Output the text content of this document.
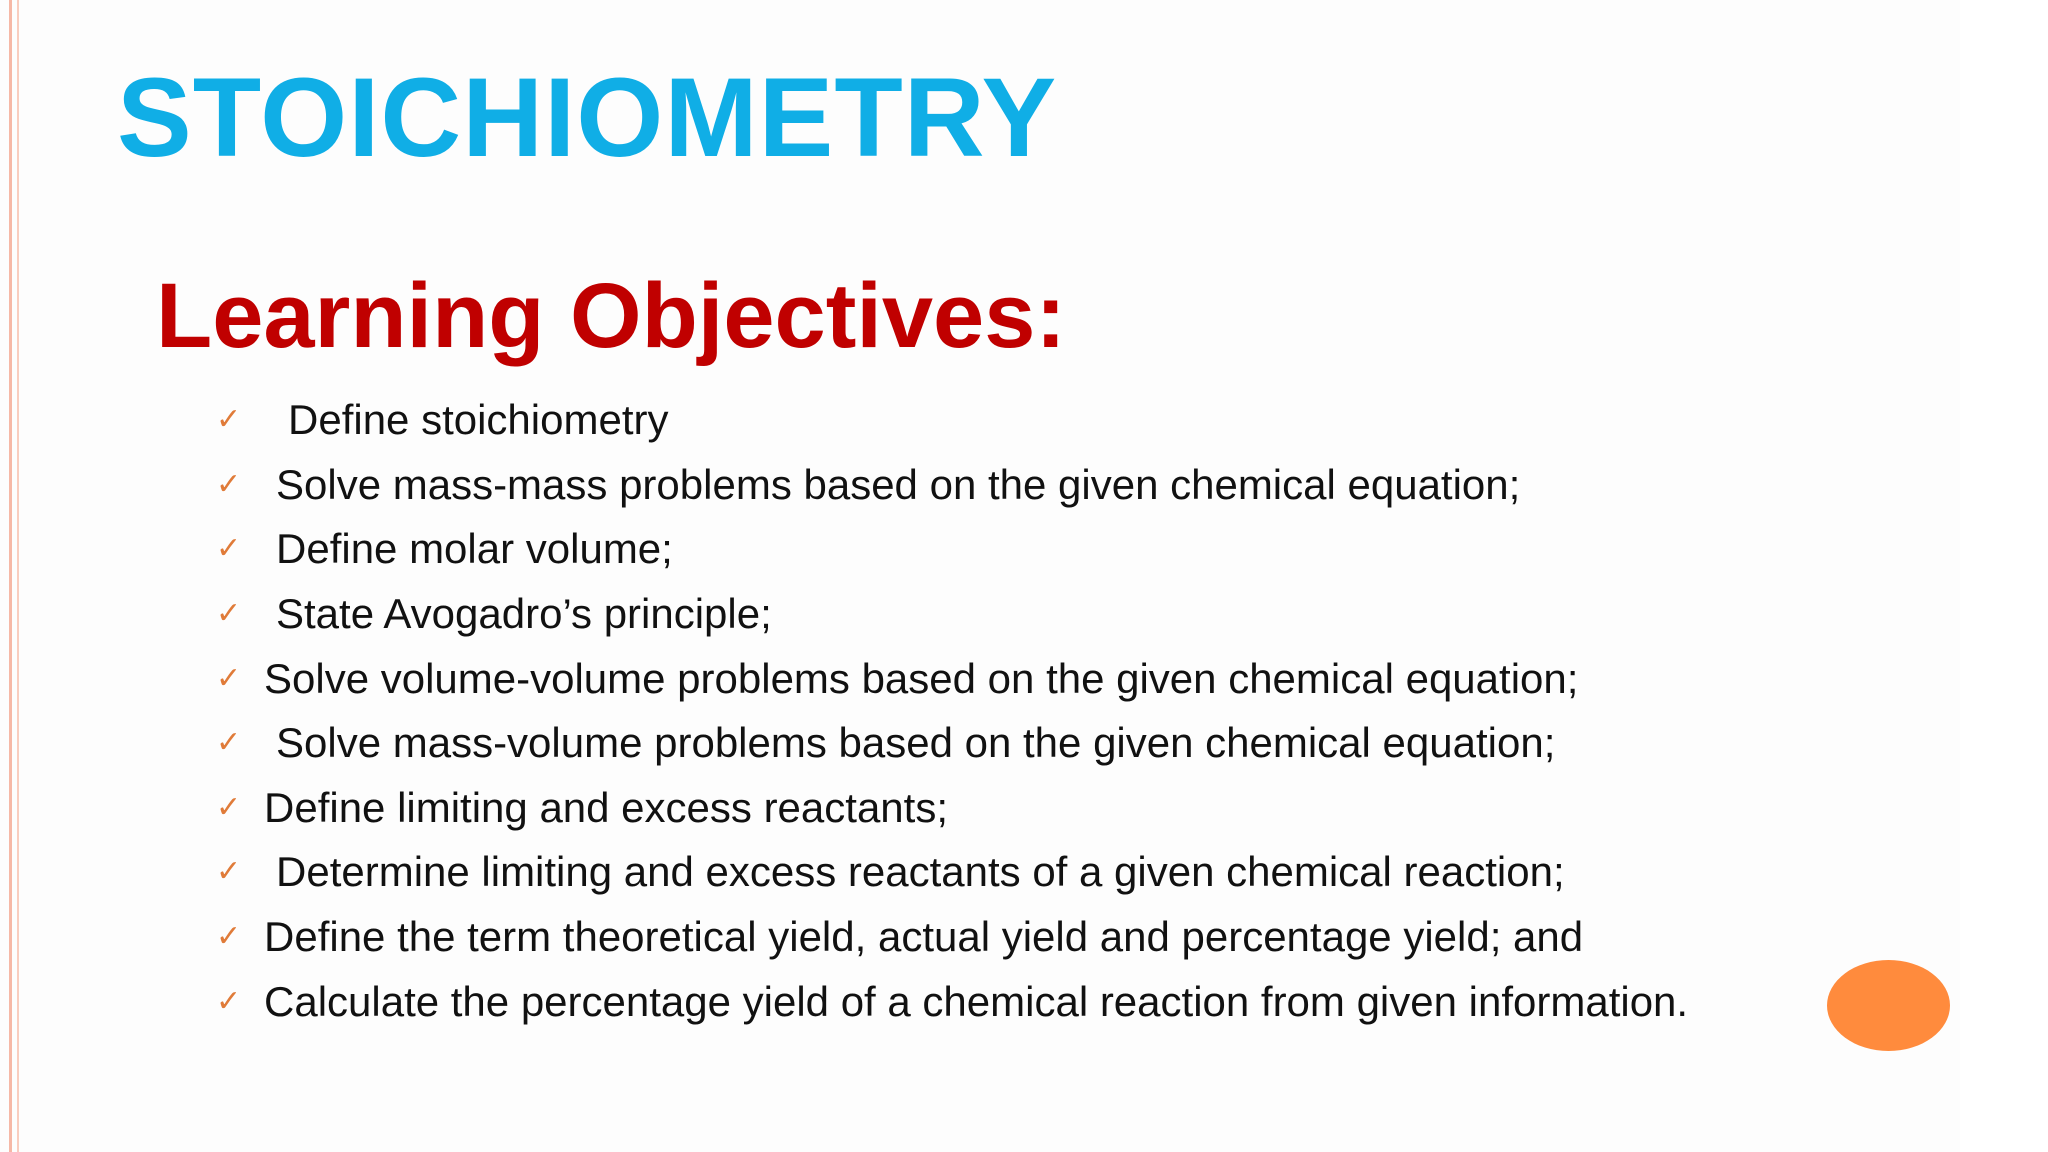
STOICHIOMETRY
Learning Objectives:
✓	Define stoichiometry
✓ Solve mass-mass problems based on the given chemical equation;
✓ Define molar volume;
✓ State Avogadro’s principle;
✓ Solve volume-volume problems based on the given chemical equation;
✓ Solve mass-volume problems based on the given chemical equation;
✓ Define limiting and excess reactants;
✓ Determine limiting and excess reactants of a given chemical reaction;
✓ Define the term theoretical yield, actual yield and percentage yield; and
✓ Calculate the percentage yield of a chemical reaction from given information.
